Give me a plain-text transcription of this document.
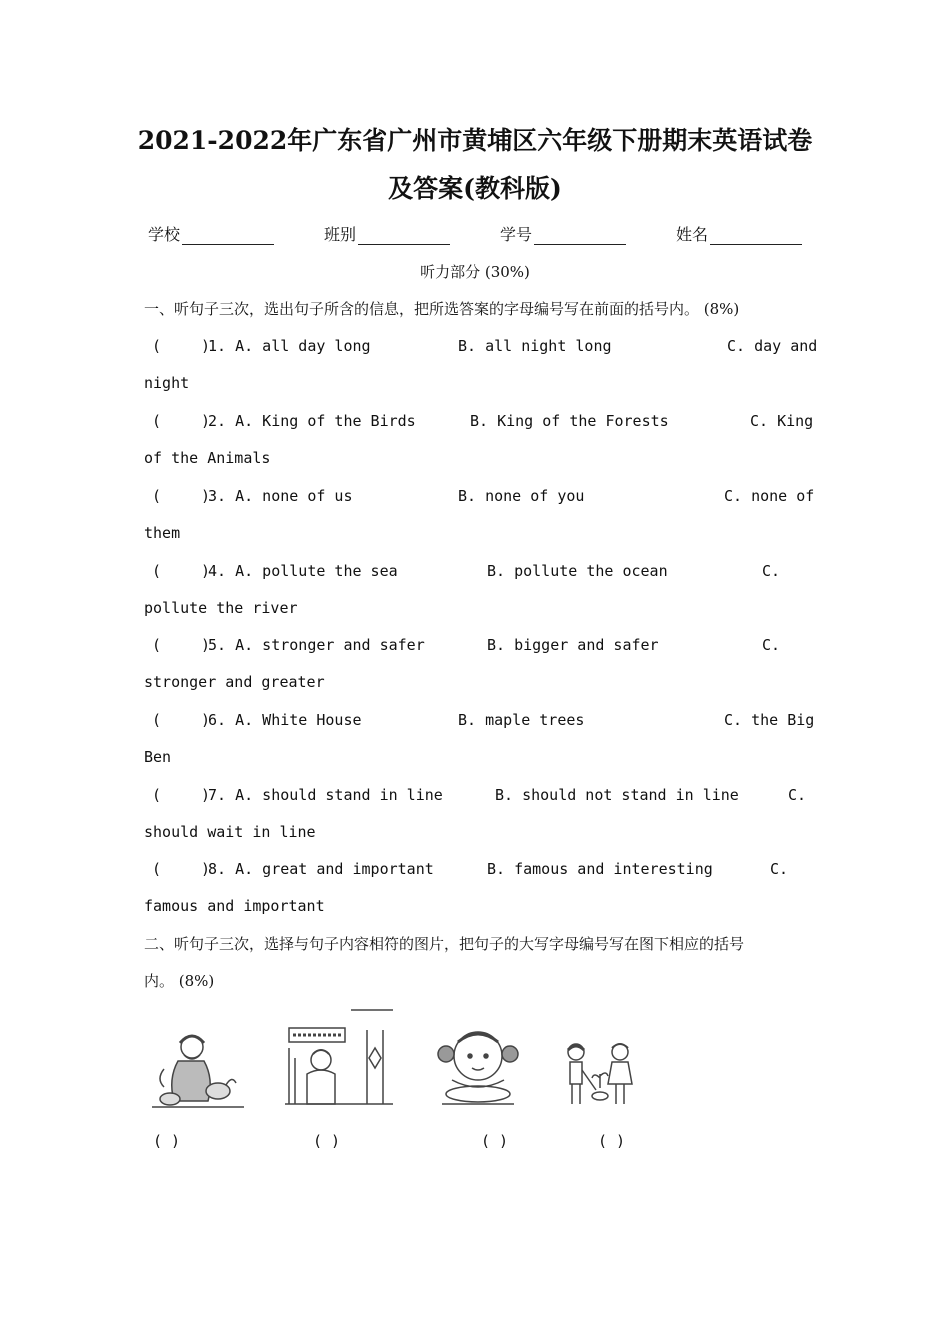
2021-2022年广东省广州市黄埔区六年级下册期末英语试卷
及答案(教科版)
学校	班别	学号	姓名
听力部分 (30%)
一、听句子三次，选出句子所含的信息，把所选答案的字母编号写在前面的括号内。 (8%)
(	)
1. A. all day long	B. all night long	C. day and
night
(	)
2. A. King of the Birds	B. King of the Forests	C. King
of the Animals
(	)
3. A. none of us	B. none of you	C. none of
them
(	)
4. A. pollute the sea	B. pollute the ocean	C.
pollute the river
(	)
5. A. stronger and safer	B. bigger and safer	C.
stronger and greater
(	)
6. A. White House	B. maple trees	C. the Big
Ben
(	)
7. A. should stand in line	B. should not stand in line	C.
should wait in line
(	)
8. A. great and important	B. famous and interesting	C.
famous and important
二、听句子三次，选择与句子内容相符的图片，把句子的大写字母编号写在图下相应的括号
内。 (8%)
( )	( )	( )	( )
